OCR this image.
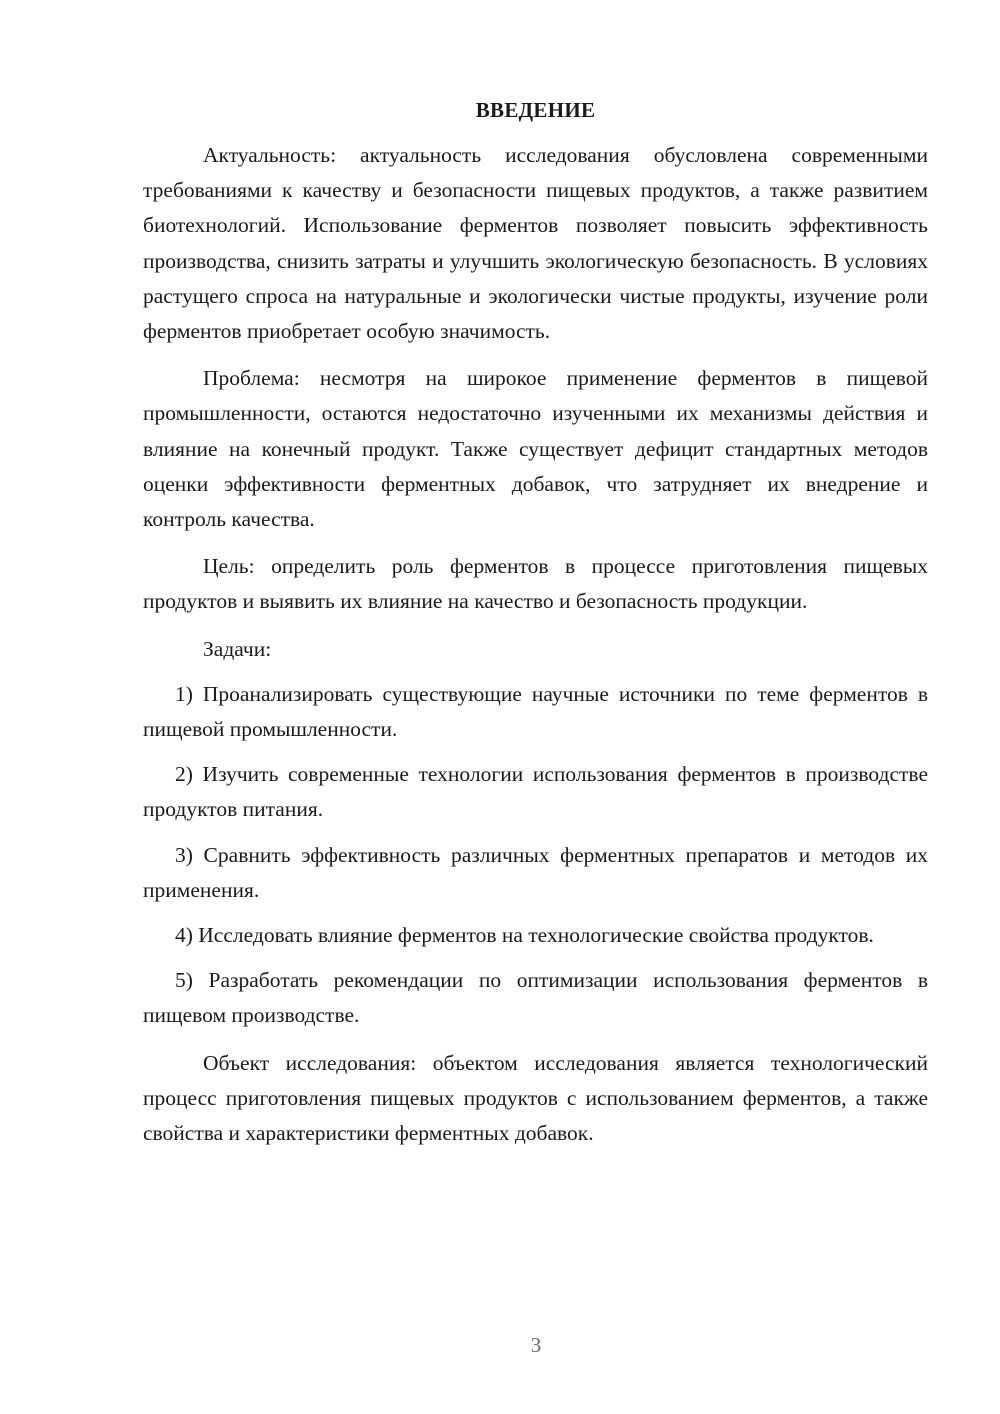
ВВЕДЕНИЕ

Актуальность: актуальность исследования обусловлена современными требованиями к качеству и безопасности пищевых продуктов, а также развитием биотехнологий. Использование ферментов позволяет повысить эффективность производства, снизить затраты и улучшить экологическую безопасность. В условиях растущего спроса на натуральные и экологически чистые продукты, изучение роли ферментов приобретает особую значимость.

Проблема: несмотря на широкое применение ферментов в пищевой промышленности, остаются недостаточно изученными их механизмы действия и влияние на конечный продукт. Также существует дефицит стандартных методов оценки эффективности ферментных добавок, что затрудняет их внедрение и контроль качества.

Цель: определить роль ферментов в процессе приготовления пищевых продуктов и выявить их влияние на качество и безопасность продукции.

Задачи:

1) Проанализировать существующие научные источники по теме ферментов в пищевой промышленности.

2) Изучить современные технологии использования ферментов в производстве продуктов питания.

3) Сравнить эффективность различных ферментных препаратов и методов их применения.

4) Исследовать влияние ферментов на технологические свойства продуктов.

5) Разработать рекомендации по оптимизации использования ферментов в пищевом производстве.

Объект исследования: объектом исследования является технологический процесс приготовления пищевых продуктов с использованием ферментов, а также свойства и характеристики ферментных добавок.

3
